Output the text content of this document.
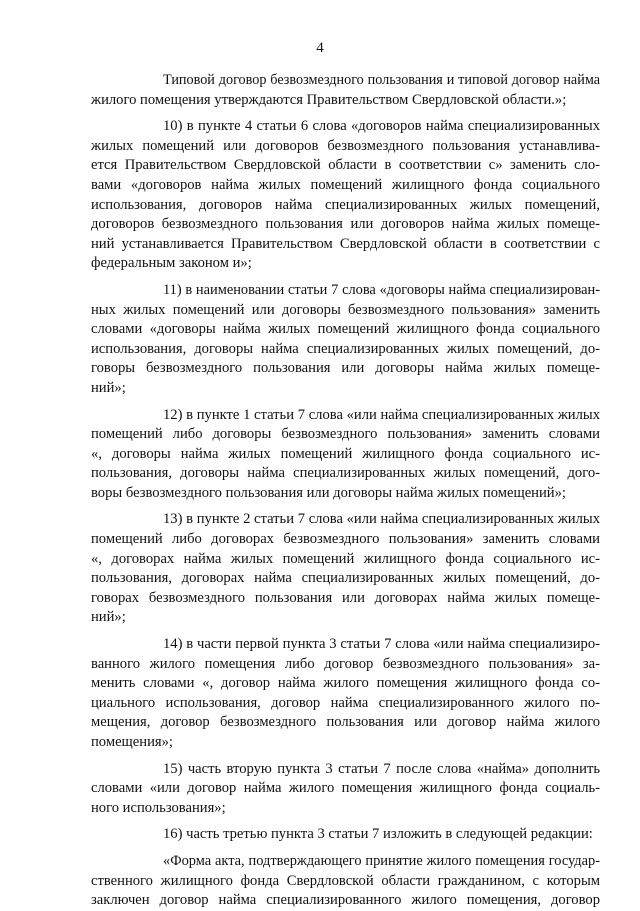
4
Типовой договор безвозмездного пользования и типовой договор найма
жилого помещения утверждаются Правительством Свердловской области.»;
10) в пункте 4 статьи 6 слова «договоров найма специализированных
жилых помещений или договоров безвозмездного пользования устанавлива-
ется Правительством Свердловской области в соответствии с» заменить сло-
вами «договоров найма жилых помещений жилищного фонда социального
использования, договоров найма специализированных жилых помещений,
договоров безвозмездного пользования или договоров найма жилых помеще-
ний устанавливается Правительством Свердловской области в соответствии с
федеральным законом и»;
11) в наименовании статьи 7 слова «договоры найма специализирован-
ных жилых помещений или договоры безвозмездного пользования» заменить
словами «договоры найма жилых помещений жилищного фонда социального
использования, договоры найма специализированных жилых помещений, до-
говоры безвозмездного пользования или договоры найма жилых помеще-
ний»;
12) в пункте 1 статьи 7 слова «или найма специализированных жилых
помещений либо договоры безвозмездного пользования» заменить словами
«, договоры найма жилых помещений жилищного фонда социального ис-
пользования, договоры найма специализированных жилых помещений, дого-
воры безвозмездного пользования или договоры найма жилых помещений»;
13) в пункте 2 статьи 7 слова «или найма специализированных жилых
помещений либо договорах безвозмездного пользования» заменить словами
«, договорах найма жилых помещений жилищного фонда социального ис-
пользования, договорах найма специализированных жилых помещений, до-
говорах безвозмездного пользования или договорах найма жилых помеще-
ний»;
14) в части первой пункта 3 статьи 7 слова «или найма специализиро-
ванного жилого помещения либо договор безвозмездного пользования» за-
менить словами «, договор найма жилого помещения жилищного фонда со-
циального использования, договор найма специализированного жилого по-
мещения, договор безвозмездного пользования или договор найма жилого
помещения»;
15) часть вторую пункта 3 статьи 7 после слова «найма» дополнить
словами «или договор найма жилого помещения жилищного фонда социаль-
ного использования»;
16) часть третью пункта 3 статьи 7 изложить в следующей редакции:
«Форма акта, подтверждающего принятие жилого помещения государ-
ственного жилищного фонда Свердловской области гражданином, с которым
заключен договор найма специализированного жилого помещения, договор
